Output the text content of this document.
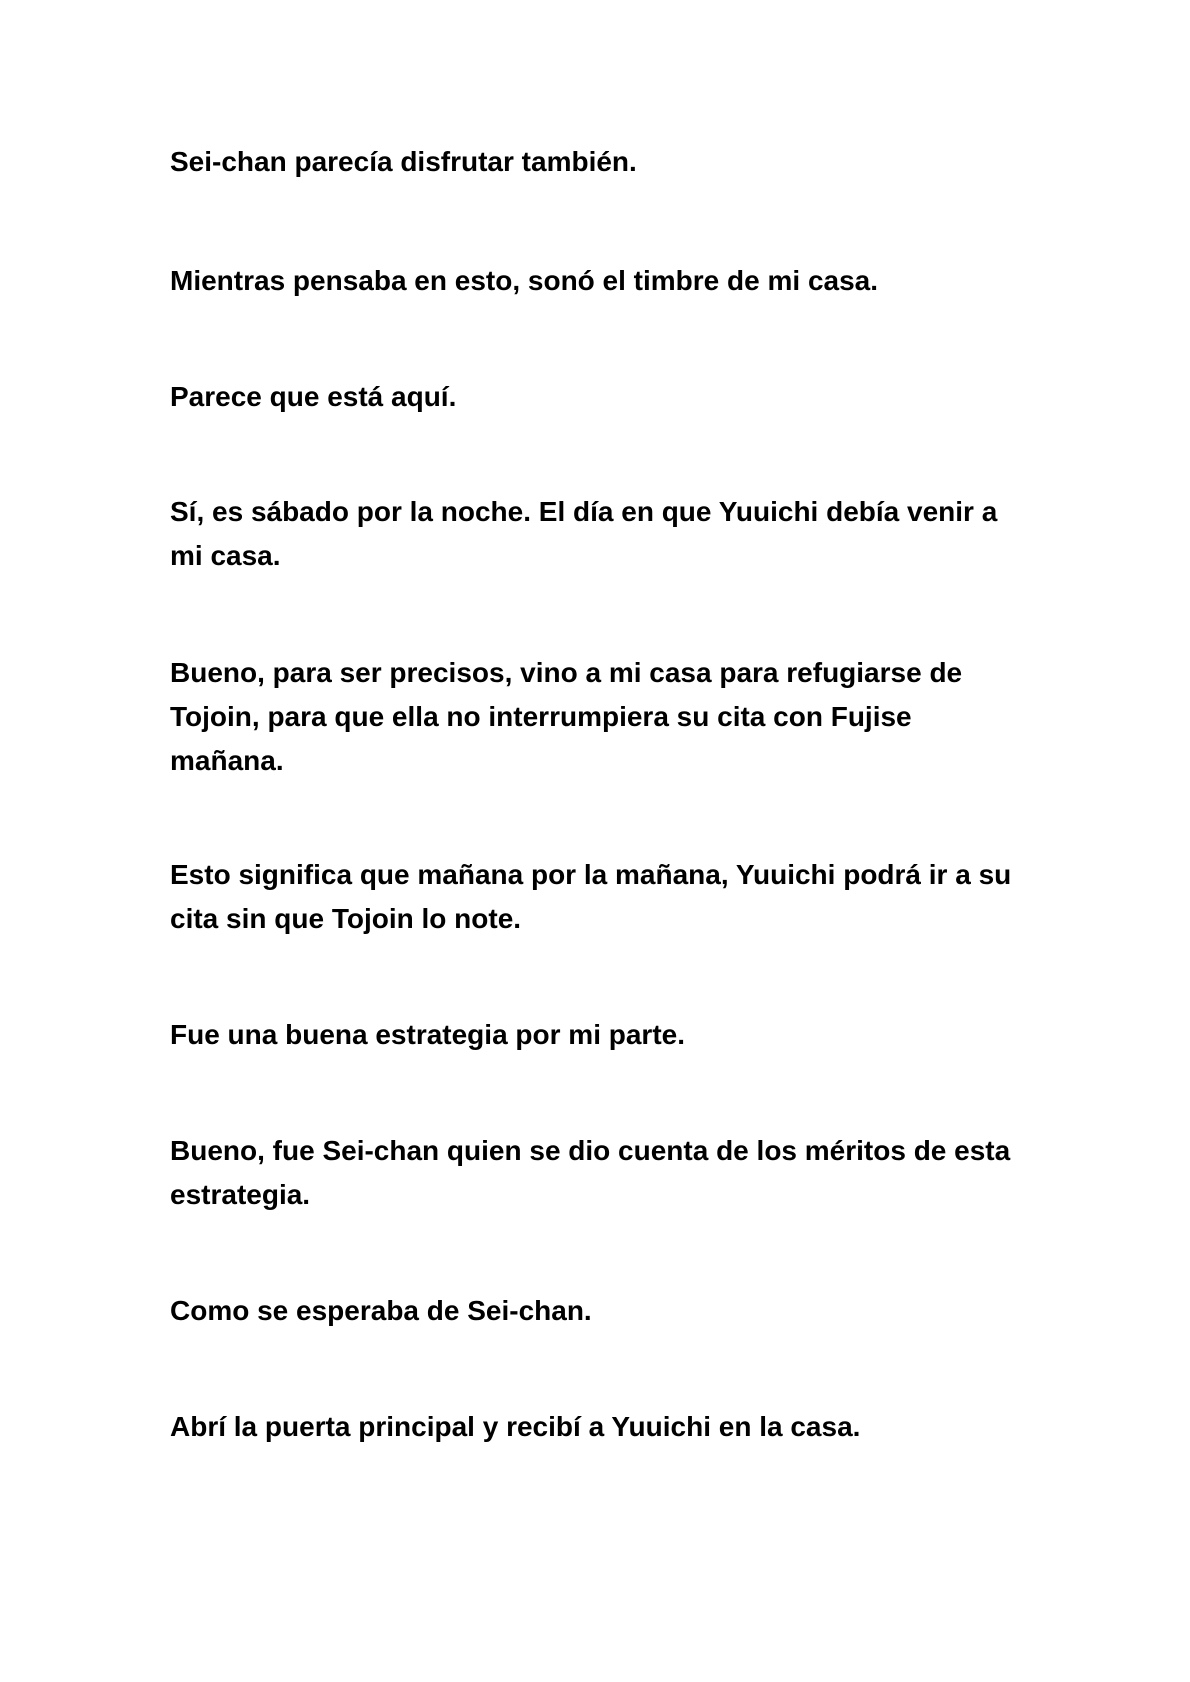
Sei-chan parecía disfrutar también.

Mientras pensaba en esto, sonó el timbre de mi casa.

Parece que está aquí.

Sí, es sábado por la noche. El día en que Yuuichi debía venir a
mi casa.

Bueno, para ser precisos, vino a mi casa para refugiarse de
Tojoin, para que ella no interrumpiera su cita con Fujise
mañana.

Esto significa que mañana por la mañana, Yuuichi podrá ir a su
cita sin que Tojoin lo note.

Fue una buena estrategia por mi parte.

Bueno, fue Sei-chan quien se dio cuenta de los méritos de esta
estrategia.

Como se esperaba de Sei-chan.

Abrí la puerta principal y recibí a Yuuichi en la casa.
